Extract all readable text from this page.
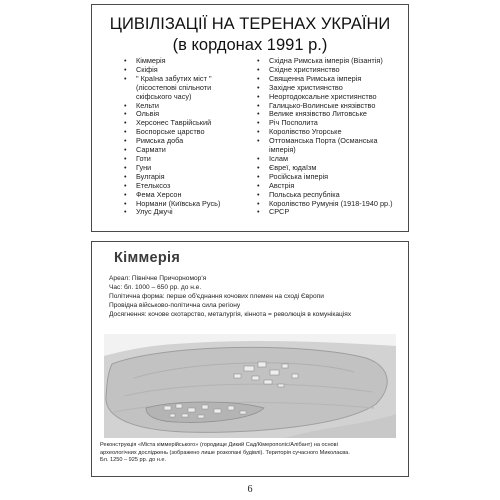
ЦИВІЛІЗАЦІЇ НА ТЕРЕНАХ УКРАЇНИ
(в кордонах 1991 р.)
• Кіммерія
• Скіфія
• " Країна забутих міст " (лісостепові спільноти скіфського часу)
• Кельти
• Ольвія
• Херсонес Таврійський
• Боспорське царство
• Римська доба
• Сармати
• Готи
• Гуни
• Булгарія
• Етельксоз
• Фема Херсон
• Нормани (Київська Русь)
• Улус Джучі
• Східна Римська імперія (Візантія)
• Східне християнство
• Священна Римська імперія
• Західне християнство
• Неортодоксальне християнство
• Галицько-Волинське князівство
• Велике князівство Литовське
• Річ Посполита
• Королівство Угорське
• Оттоманська Порта (Османська імперія)
• Іслам
• Євреї, юдаїзм
• Російська імперія
• Австрія
• Польська республіка
• Королівство Румунія (1918-1940 рр.)
• СРСР
Кіммерія
Ареал: Північне Причорномор'я
Час: бл. 1000 – 650 рр. до н.е.
Політична форма: перше об'єднання кочових племен на сході Європи
Провідна військово-політична сила регіону
Досягнення: кочове скотарство, металургія, кіннота = революція в комунікаціях
Реконструкція «Міста кіммерійського» (городище Дикий Сад/Кімерополіс/Алібант) на основі
археологічних досліджень (зображено лише розкопані будівлі). Територія сучасного Миколаєва.
Бл. 1250 – 925 рр. до н.е.
6
